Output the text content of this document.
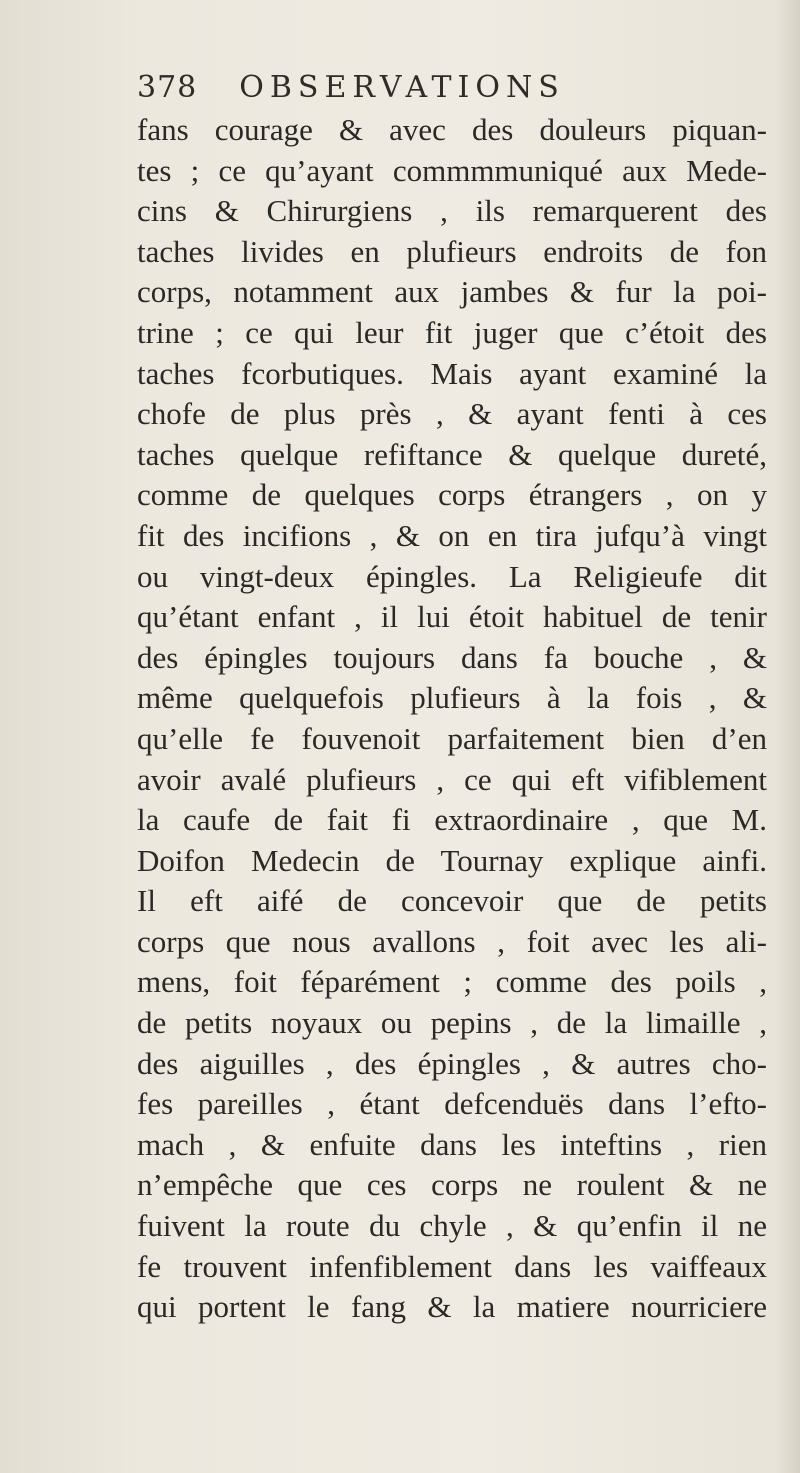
378 OBSERVATIONS
fans courage & avec des douleurs piquan-
tes ; ce qu’ayant commmmuniqué aux Mede-
cins & Chirurgiens , ils remarquerent des
taches livides en plufieurs endroits de fon
corps, notamment aux jambes & fur la poi-
trine ; ce qui leur fit juger que c’étoit des
taches fcorbutiques. Mais ayant examiné la
chofe de plus près , & ayant fenti à ces
taches quelque refiftance & quelque dureté,
comme de quelques corps étrangers , on y
fit des incifions , & on en tira jufqu’à vingt
ou vingt-deux épingles. La Religieufe dit
qu’étant enfant , il lui étoit habituel de tenir
des épingles toujours dans fa bouche , &
même quelquefois plufieurs à la fois , &
qu’elle fe fouvenoit parfaitement bien d’en
avoir avalé plufieurs , ce qui eft vifiblement
la caufe de fait fi extraordinaire , que M.
Doifon Medecin de Tournay explique ainfi.
Il eft aifé de concevoir que de petits
corps que nous avallons , foit avec les ali-
mens, foit féparément ; comme des poils ,
de petits noyaux ou pepins , de la limaille ,
des aiguilles , des épingles , & autres cho-
fes pareilles , étant defcenduës dans l’efto-
mach , & enfuite dans les inteftins , rien
n’empêche que ces corps ne roulent & ne
fuivent la route du chyle , & qu’enfin il ne
fe trouvent infenfiblement dans les vaiffeaux
qui portent le fang & la matiere nourriciere
